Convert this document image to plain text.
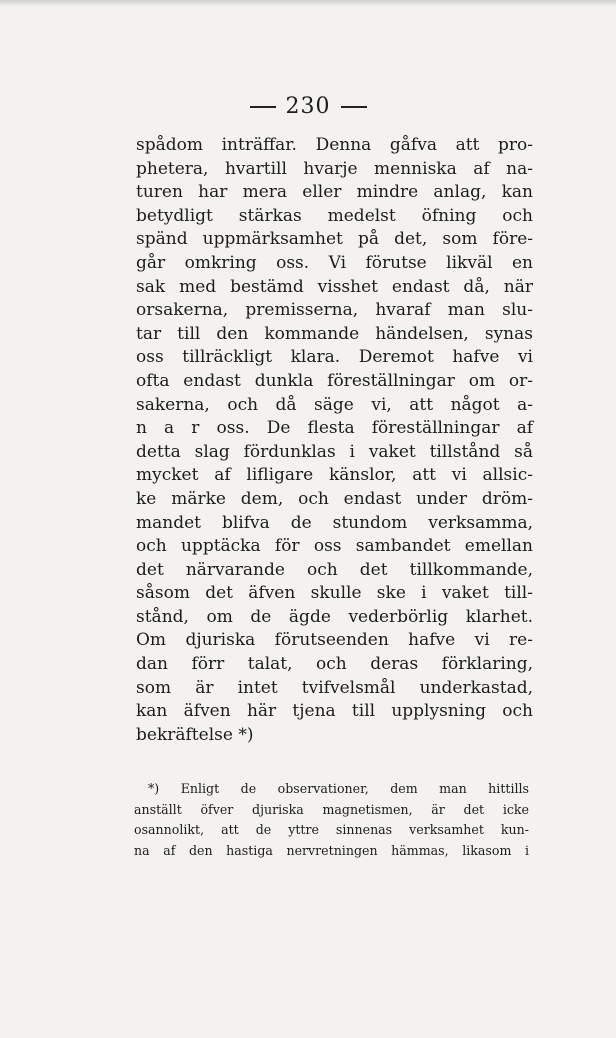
230
spådom inträffar. Denna gåfva att pro-
phetera, hvartill hvarje menniska af na-
turen har mera eller mindre anlag, kan
betydligt stärkas medelst öfning och
spänd uppmärksamhet på det, som före-
går omkring oss. Vi förutse likväl en
sak med bestämd visshet endast då, när
orsakerna, premisserna, hvaraf man slu-
tar till den kommande händelsen, synas
oss tillräckligt klara. Deremot hafve vi
ofta endast dunkla föreställningar om or-
sakerna, och då säge vi, att något a-
n a r oss. De flesta föreställningar af
detta slag fördunklas i vaket tillstånd så
mycket af lifligare känslor, att vi allsic-
ke märke dem, och endast under dröm-
mandet blifva de stundom verksamma,
och upptäcka för oss sambandet emellan
det närvarande och det tillkommande,
såsom det äfven skulle ske i vaket till-
stånd, om de ägde vederbörlig klarhet.
Om djuriska förutseenden hafve vi re-
dan förr talat, och deras förklaring,
som är intet tvifvelsmål underkastad,
kan äfven här tjena till upplysning och
bekräftelse *)
*) Enligt de observationer, dem man hittills
anställt öfver djuriska magnetismen, är det icke
osannolikt, att de yttre sinnenas verksamhet kun-
na af den hastiga nervretningen hämmas, likasom i
